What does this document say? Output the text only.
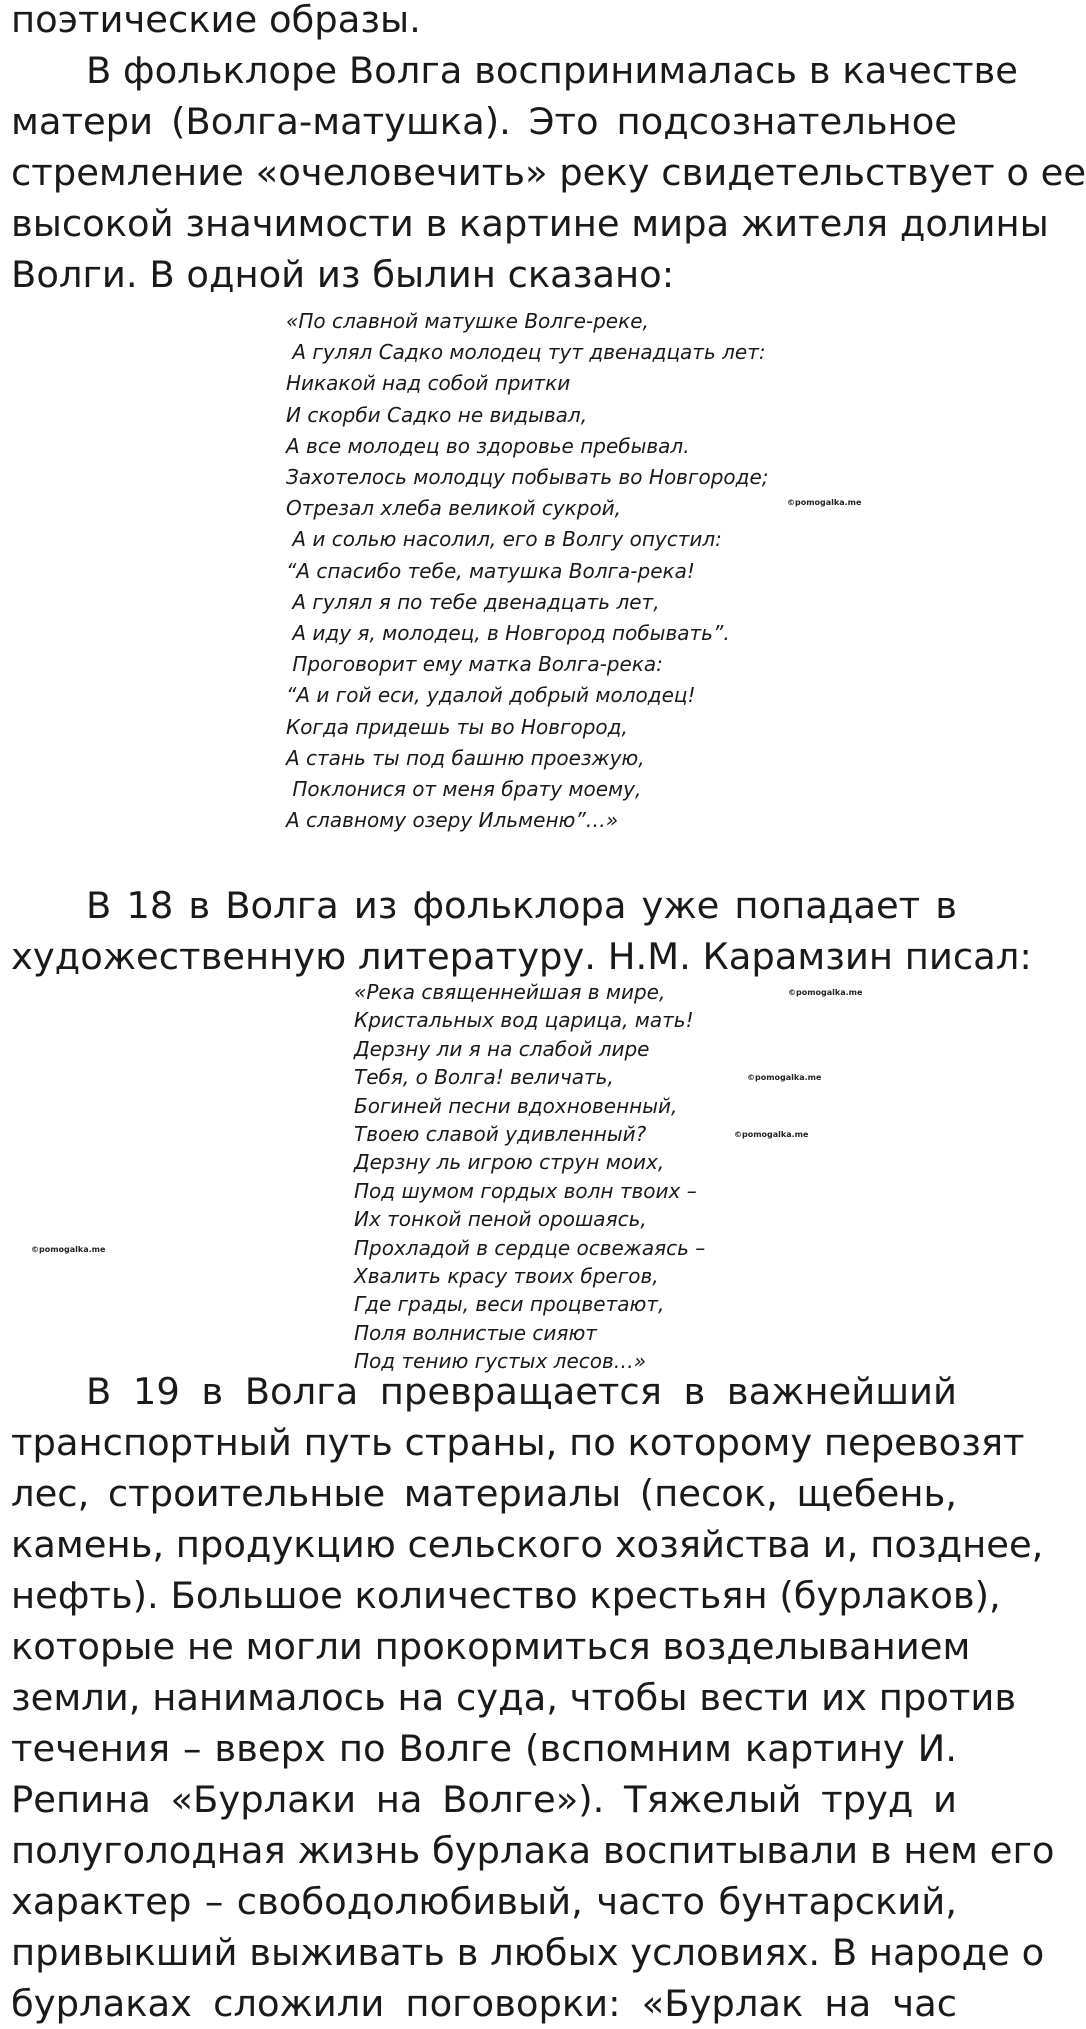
поэтические образы.

В фольклоре Волга воспринималась в качестве
матери (Волга-матушка). Это подсознательное
стремление «очеловечить» реку свидетельствует о ее
высокой значимости в картине мира жителя долины
Волги. В одной из былин сказано:

«По славной матушке Волге-реке,
А гулял Садко молодец тут двенадцать лет:
Никакой над собой притки
И скорби Садко не видывал,
А все молодец во здоровье пребывал.
Захотелось молодцу побывать во Новгороде;
Отрезал хлеба великой сукрой,
А и солью насолил, его в Волгу опустил:
“А спасибо тебе, матушка Волга-река!
А гулял я по тебе двенадцать лет,
А иду я, молодец, в Новгород побывать”.
Проговорит ему матка Волга-река:
“А и гой еси, удалой добрый молодец!
Когда придешь ты во Новгород,
А стань ты под башню проезжую,
Поклонися от меня брату моему,
А славному озеру Ильменю”…»
©pomogalka.me

В 18 в Волга из фольклора уже попадает в
художественную литературу. Н.М. Карамзин писал:

«Река священнейшая в мире,
Кристальных вод царица, мать!
Дерзну ли я на слабой лире
Тебя, о Волга! величать,
Богиней песни вдохновенный,
Твоею славой удивленный?
Дерзну ль игрою струн моих,
Под шумом гордых волн твоих –
Их тонкой пеной орошаясь,
Прохладой в сердце освежаясь –
Хвалить красу твоих брегов,
Где грады, веси процветают,
Поля волнистые сияют
Под тению густых лесов…»
©pomogalka.me
©pomogalka.me
©pomogalka.me
©pomogalka.me

В 19 в Волга превращается в важнейший
транспортный путь страны, по которому перевозят
лес, строительные материалы (песок, щебень,
камень, продукцию сельского хозяйства и, позднее,
нефть). Большое количество крестьян (бурлаков),
которые не могли прокормиться возделыванием
земли, нанималось на суда, чтобы вести их против
течения – вверх по Волге (вспомним картину И.
Репина «Бурлаки на Волге»). Тяжелый труд и
полуголодная жизнь бурлака воспитывали в нем его
характер – свободолюбивый, часто бунтарский,
привыкший выживать в любых условиях. В народе о
бурлаках сложили поговорки: «Бурлак на час
